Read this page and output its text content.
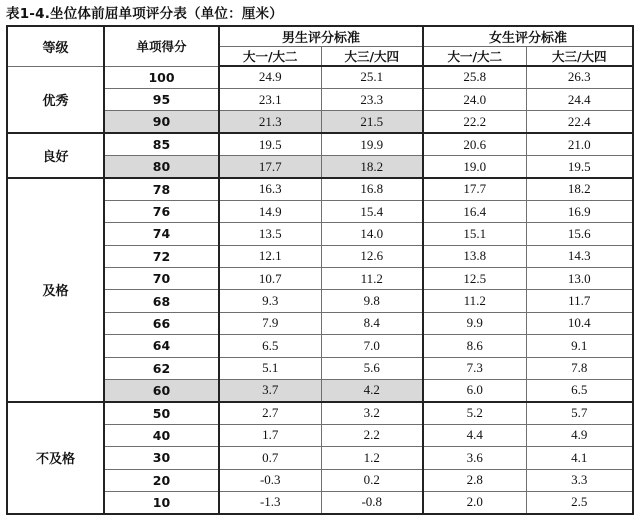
表1-4.坐位体前屈单项评分表（单位：厘米）
等级	单项得分	男生评分标准		女生评分标准	
		大一/大二	大三/大四	大一/大二	大三/大四
优秀	100	24.9	25.1	25.8	26.3
	95	23.1	23.3	24.0	24.4
	90	21.3	21.5	22.2	22.4
良好	85	19.5	19.9	20.6	21.0
	80	17.7	18.2	19.0	19.5
及格	78	16.3	16.8	17.7	18.2
	76	14.9	15.4	16.4	16.9
	74	13.5	14.0	15.1	15.6
	72	12.1	12.6	13.8	14.3
	70	10.7	11.2	12.5	13.0
	68	9.3	9.8	11.2	11.7
	66	7.9	8.4	9.9	10.4
	64	6.5	7.0	8.6	9.1
	62	5.1	5.6	7.3	7.8
	60	3.7	4.2	6.0	6.5
不及格	50	2.7	3.2	5.2	5.7
	40	1.7	2.2	4.4	4.9
	30	0.7	1.2	3.6	4.1
	20	-0.3	0.2	2.8	3.3
	10	-1.3	-0.8	2.0	2.5
